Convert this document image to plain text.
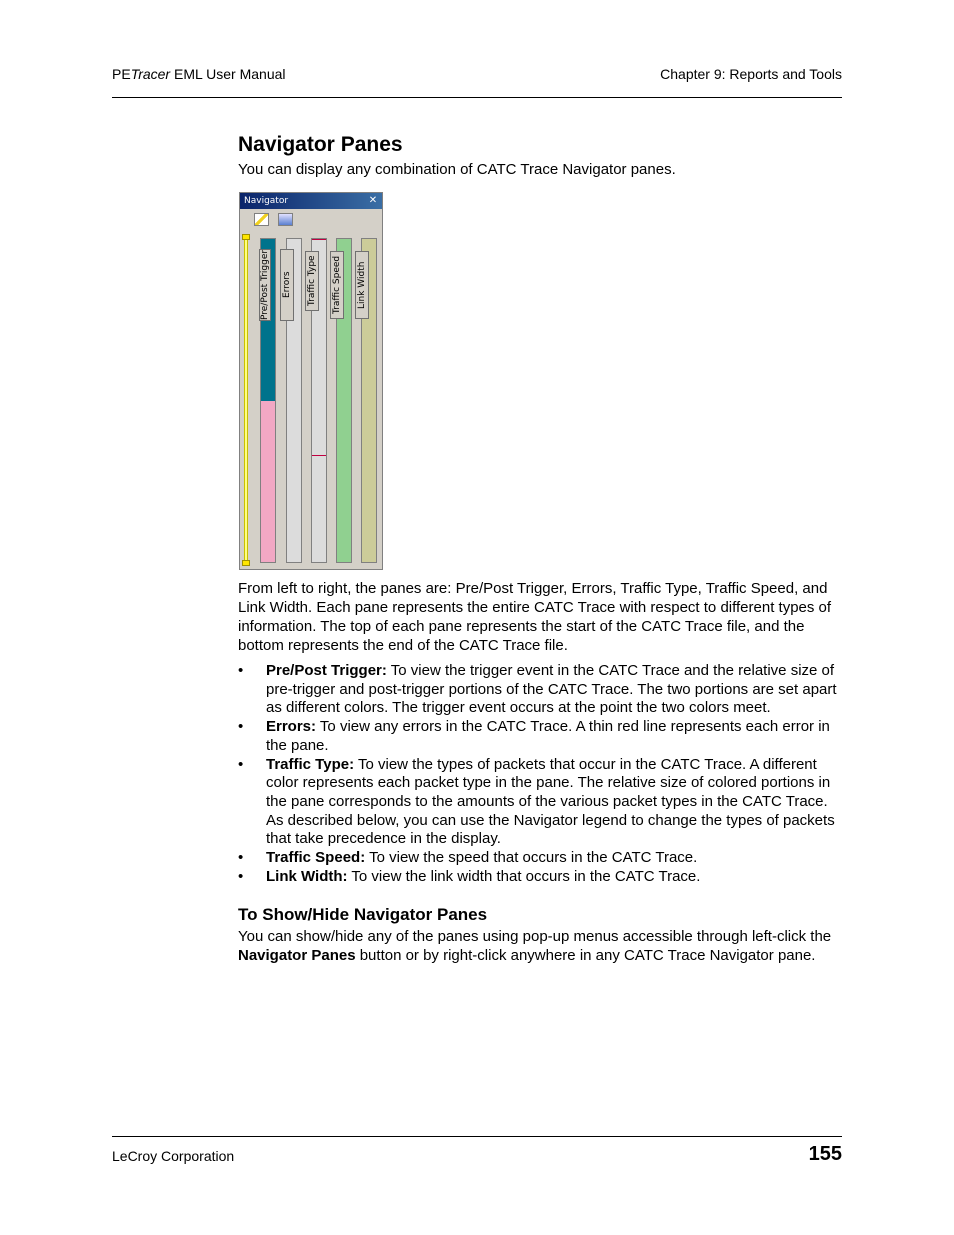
PETracer EML User Manual	Chapter 9: Reports and Tools
Navigator Panes

You can display any combination of CATC Trace Navigator panes.

Navigator	✕
Pre/Post Trigger Errors Traffic Type Traffic Speed Link Width

From left to right, the panes are: Pre/Post Trigger, Errors, Traffic Type, Traffic Speed, and Link Width. Each pane represents the entire CATC Trace with respect to different types of information. The top of each pane represents the start of the CATC Trace file, and the bottom represents the end of the CATC Trace file.

• Pre/Post Trigger: To view the trigger event in the CATC Trace and the relative size of pre-trigger and post-trigger portions of the CATC Trace. The two portions are set apart as different colors. The trigger event occurs at the point the two colors meet.
• Errors: To view any errors in the CATC Trace. A thin red line represents each error in the pane.
• Traffic Type: To view the types of packets that occur in the CATC Trace. A different color represents each packet type in the pane. The relative size of colored portions in the pane corresponds to the amounts of the various packet types in the CATC Trace. As described below, you can use the Navigator legend to change the types of packets that take precedence in the display.
• Traffic Speed: To view the speed that occurs in the CATC Trace.
• Link Width: To view the link width that occurs in the CATC Trace.
To Show/Hide Navigator Panes

You can show/hide any of the panes using pop-up menus accessible through left-click the Navigator Panes button or by right-click anywhere in any CATC Trace Navigator pane.

LeCroy Corporation	155
